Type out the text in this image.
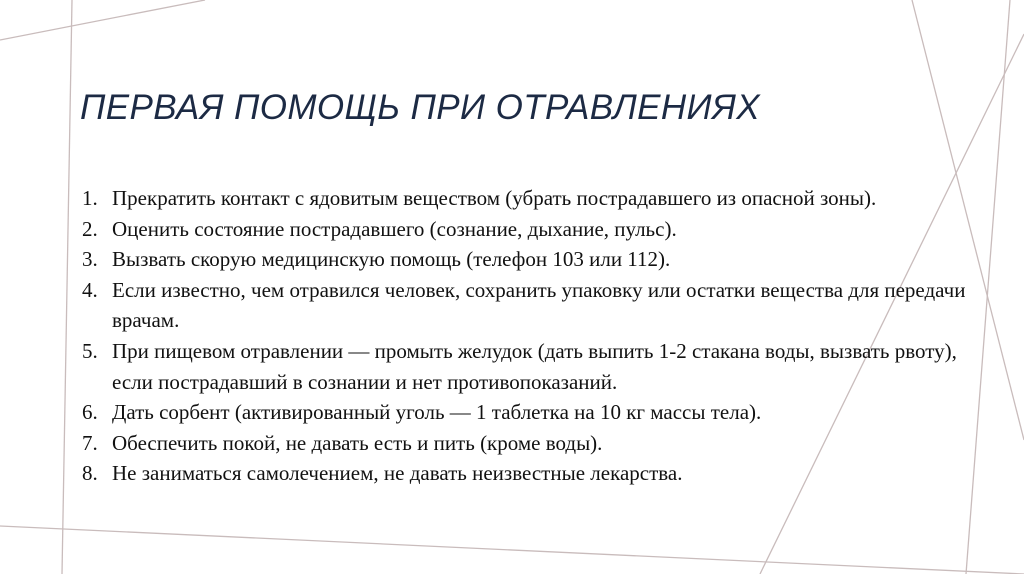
ПЕРВАЯ ПОМОЩЬ ПРИ ОТРАВЛЕНИЯХ
1. Прекратить контакт с ядовитым веществом (убрать пострадавшего из опасной зоны).
2. Оценить состояние пострадавшего (сознание, дыхание, пульс).
3. Вызвать скорую медицинскую помощь (телефон 103 или 112).
4. Если известно, чем отравился человек, сохранить упаковку или остатки вещества для передачи врачам.
5. При пищевом отравлении — промыть желудок (дать выпить 1-2 стакана воды, вызвать рвоту), если пострадавший в сознании и нет противопоказаний.
6. Дать сорбент (активированный уголь — 1 таблетка на 10 кг массы тела).
7. Обеспечить покой, не давать есть и пить (кроме воды).
8. Не заниматься самолечением, не давать неизвестные лекарства.
